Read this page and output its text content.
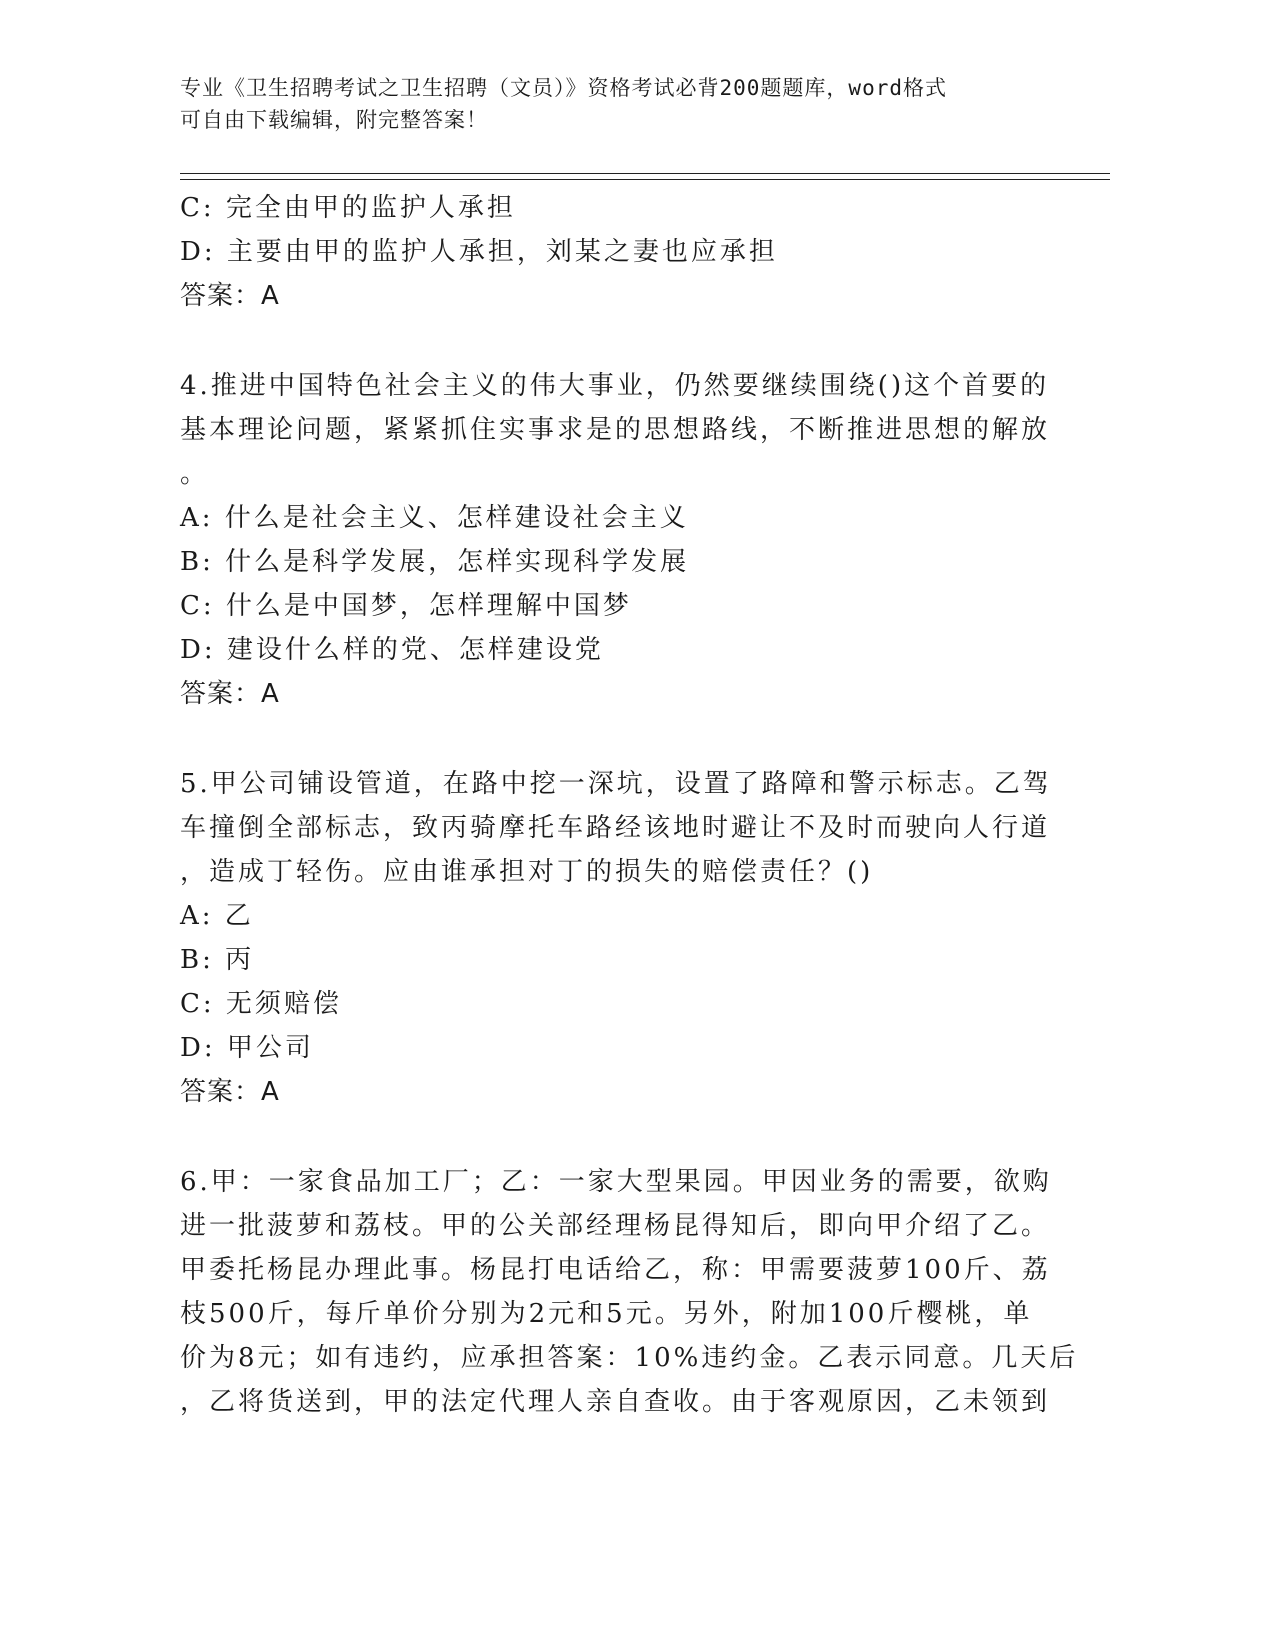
专业《卫生招聘考试之卫生招聘（文员）》资格考试必背200题题库，word格式
可自由下载编辑，附完整答案！
C: 完全由甲的监护人承担
D: 主要由甲的监护人承担，刘某之妻也应承担
答案：A
4.推进中国特色社会主义的伟大事业，仍然要继续围绕()这个首要的
基本理论问题，紧紧抓住实事求是的思想路线，不断推进思想的解放
。
A: 什么是社会主义、怎样建设社会主义
B: 什么是科学发展，怎样实现科学发展
C: 什么是中国梦，怎样理解中国梦
D: 建设什么样的党、怎样建设党
答案：A
5.甲公司铺设管道，在路中挖一深坑，设置了路障和警示标志。乙驾
车撞倒全部标志，致丙骑摩托车路经该地时避让不及时而驶向人行道
，造成丁轻伤。应由谁承担对丁的损失的赔偿责任？()
A: 乙
B: 丙
C: 无须赔偿
D: 甲公司
答案：A
6.甲：一家食品加工厂；乙：一家大型果园。甲因业务的需要，欲购
进一批菠萝和荔枝。甲的公关部经理杨昆得知后，即向甲介绍了乙。
甲委托杨昆办理此事。杨昆打电话给乙，称：甲需要菠萝100斤、荔
枝500斤，每斤单价分别为2元和5元。另外，附加100斤樱桃，单
价为8元；如有违约，应承担答案：10%违约金。乙表示同意。几天后
，乙将货送到，甲的法定代理人亲自查收。由于客观原因，乙未领到
